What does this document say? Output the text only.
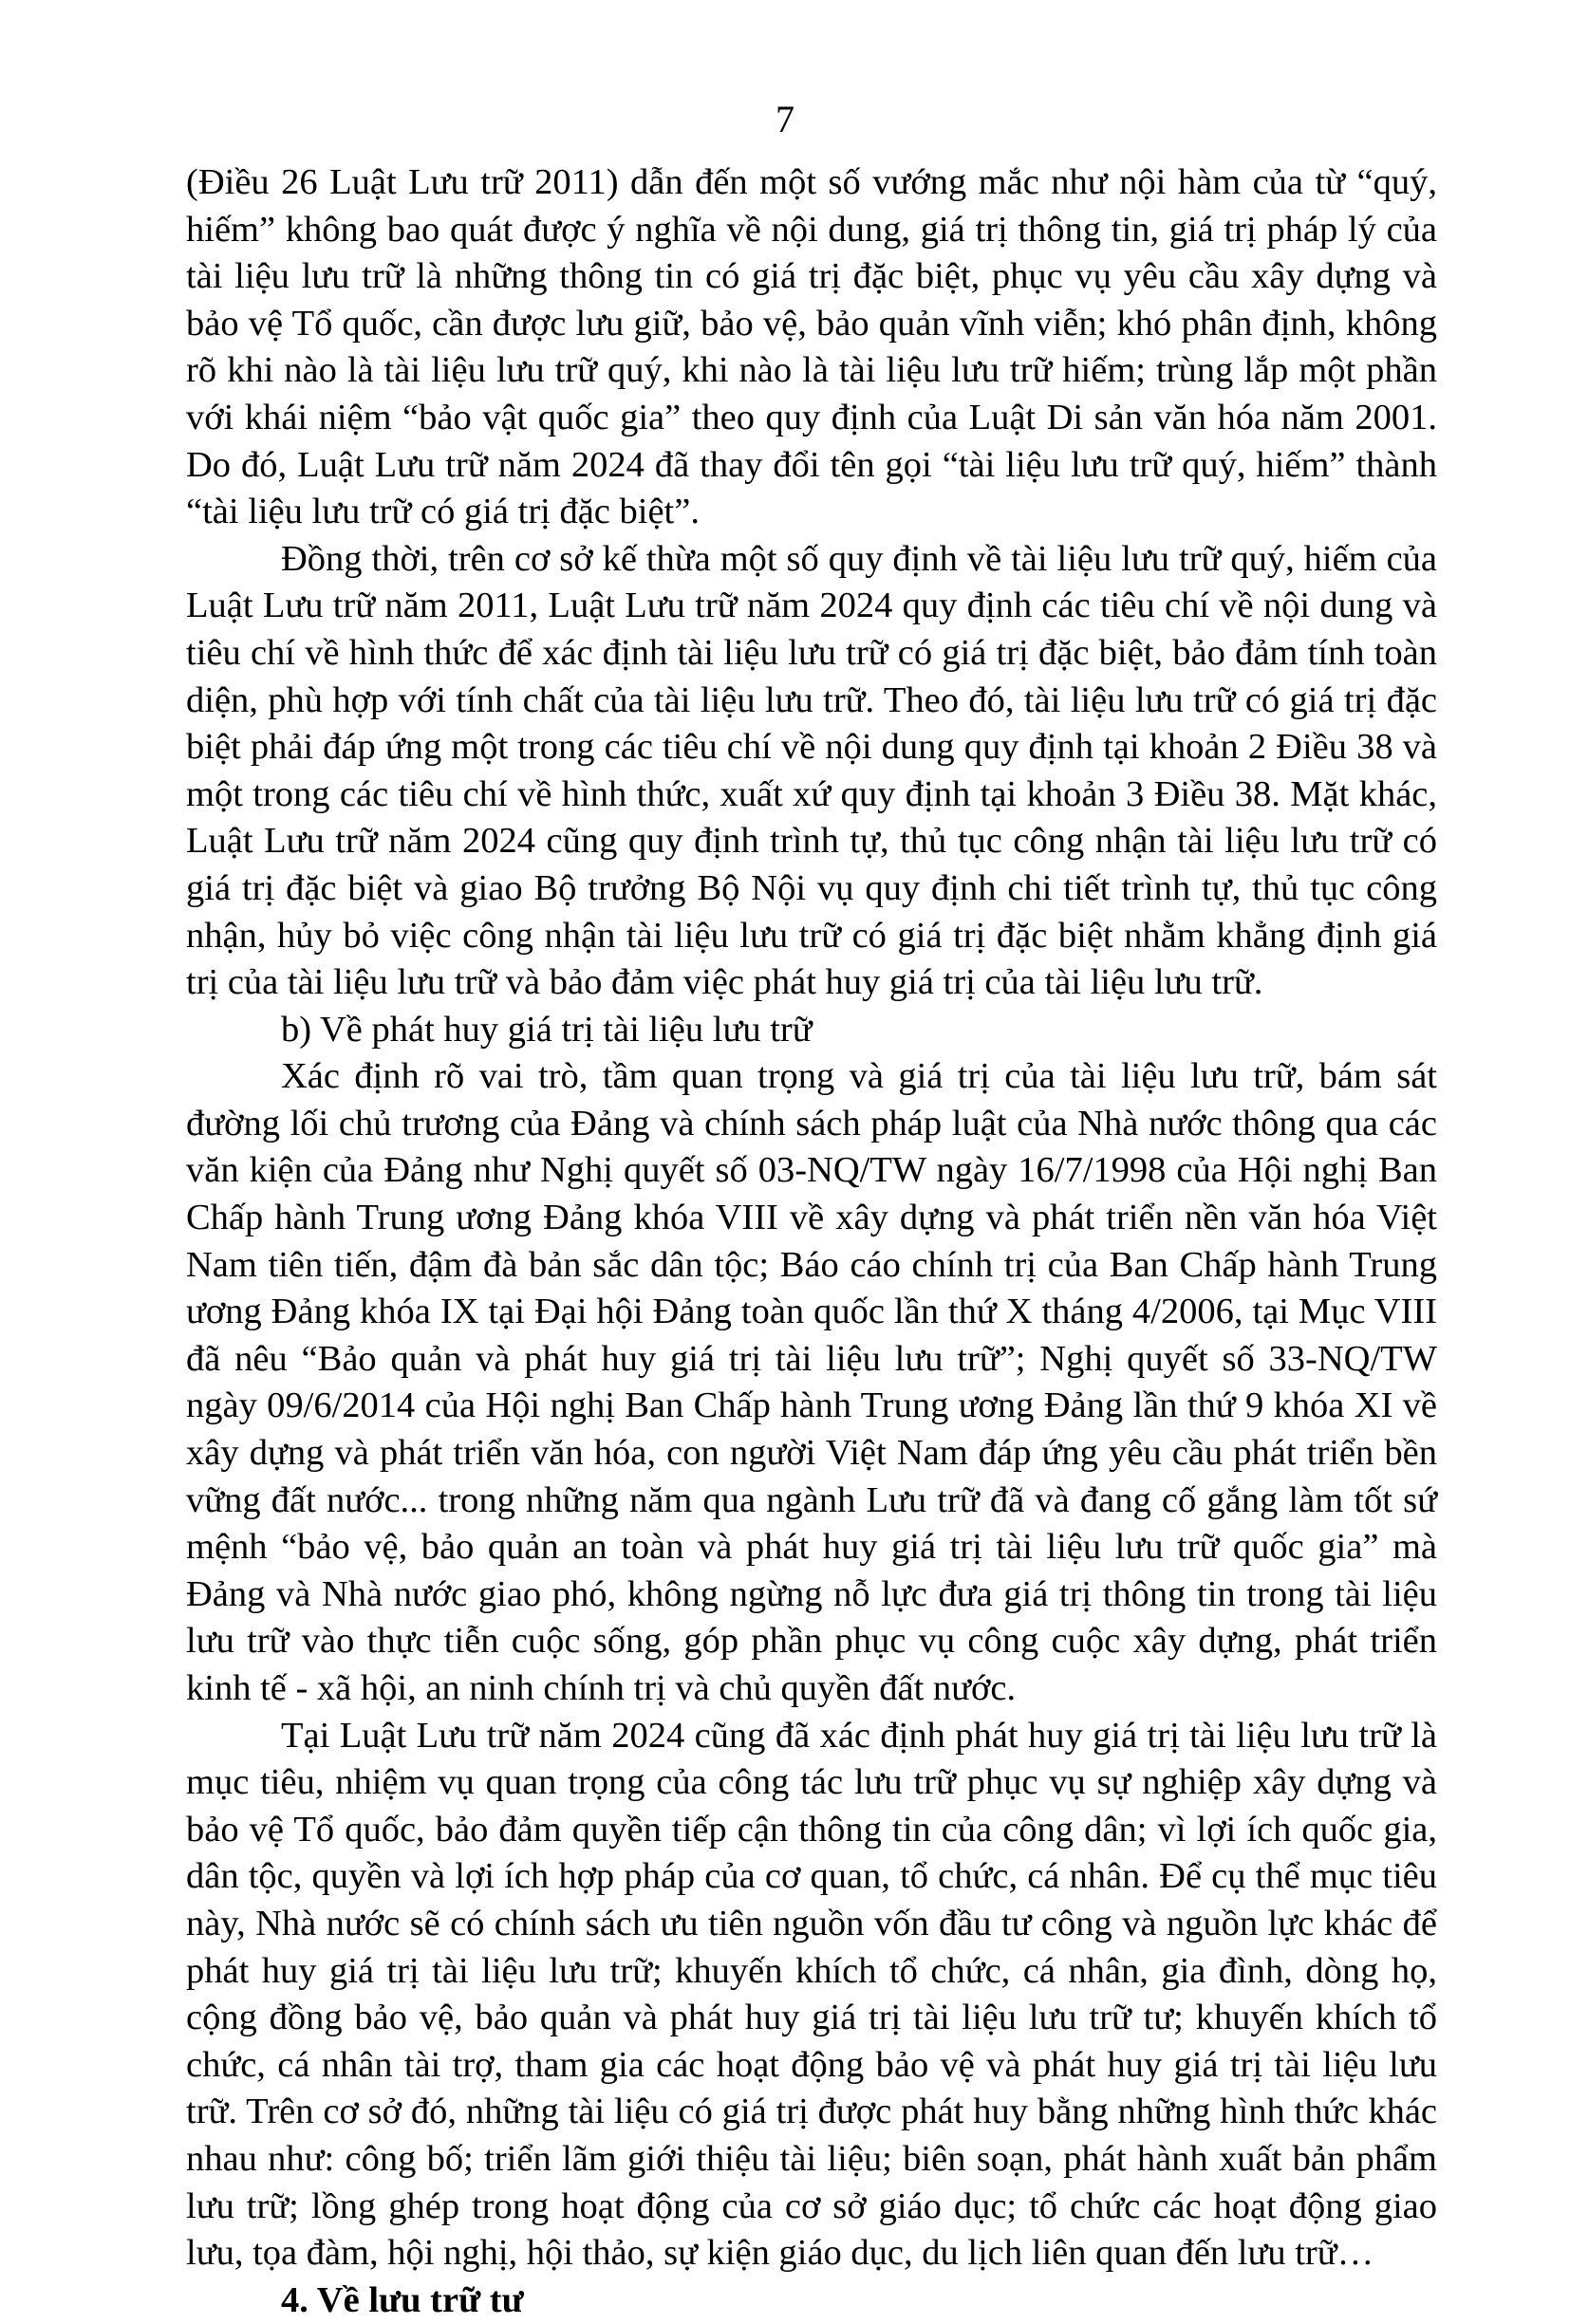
7

(Điều 26 Luật Lưu trữ 2011) dẫn đến một số vướng mắc như nội hàm của từ “quý, hiếm” không bao quát được ý nghĩa về nội dung, giá trị thông tin, giá trị pháp lý của tài liệu lưu trữ là những thông tin có giá trị đặc biệt, phục vụ yêu cầu xây dựng và bảo vệ Tổ quốc, cần được lưu giữ, bảo vệ, bảo quản vĩnh viễn; khó phân định, không rõ khi nào là tài liệu lưu trữ quý, khi nào là tài liệu lưu trữ hiếm; trùng lắp một phần với khái niệm “bảo vật quốc gia” theo quy định của Luật Di sản văn hóa năm 2001. Do đó, Luật Lưu trữ năm 2024 đã thay đổi tên gọi “tài liệu lưu trữ quý, hiếm” thành “tài liệu lưu trữ có giá trị đặc biệt”.

Đồng thời, trên cơ sở kế thừa một số quy định về tài liệu lưu trữ quý, hiếm của Luật Lưu trữ năm 2011, Luật Lưu trữ năm 2024 quy định các tiêu chí về nội dung và tiêu chí về hình thức để xác định tài liệu lưu trữ có giá trị đặc biệt, bảo đảm tính toàn diện, phù hợp với tính chất của tài liệu lưu trữ. Theo đó, tài liệu lưu trữ có giá trị đặc biệt phải đáp ứng một trong các tiêu chí về nội dung quy định tại khoản 2 Điều 38 và một trong các tiêu chí về hình thức, xuất xứ quy định tại khoản 3 Điều 38. Mặt khác, Luật Lưu trữ năm 2024 cũng quy định trình tự, thủ tục công nhận tài liệu lưu trữ có giá trị đặc biệt và giao Bộ trưởng Bộ Nội vụ quy định chi tiết trình tự, thủ tục công nhận, hủy bỏ việc công nhận tài liệu lưu trữ có giá trị đặc biệt nhằm khẳng định giá trị của tài liệu lưu trữ và bảo đảm việc phát huy giá trị của tài liệu lưu trữ.

b) Về phát huy giá trị tài liệu lưu trữ

Xác định rõ vai trò, tầm quan trọng và giá trị của tài liệu lưu trữ, bám sát đường lối chủ trương của Đảng và chính sách pháp luật của Nhà nước thông qua các văn kiện của Đảng như Nghị quyết số 03-NQ/TW ngày 16/7/1998 của Hội nghị Ban Chấp hành Trung ương Đảng khóa VIII về xây dựng và phát triển nền văn hóa Việt Nam tiên tiến, đậm đà bản sắc dân tộc; Báo cáo chính trị của Ban Chấp hành Trung ương Đảng khóa IX tại Đại hội Đảng toàn quốc lần thứ X tháng 4/2006, tại Mục VIII đã nêu “Bảo quản và phát huy giá trị tài liệu lưu trữ”; Nghị quyết số 33-NQ/TW ngày 09/6/2014 của Hội nghị Ban Chấp hành Trung ương Đảng lần thứ 9 khóa XI về xây dựng và phát triển văn hóa, con người Việt Nam đáp ứng yêu cầu phát triển bền vững đất nước... trong những năm qua ngành Lưu trữ đã và đang cố gắng làm tốt sứ mệnh “bảo vệ, bảo quản an toàn và phát huy giá trị tài liệu lưu trữ quốc gia” mà Đảng và Nhà nước giao phó, không ngừng nỗ lực đưa giá trị thông tin trong tài liệu lưu trữ vào thực tiễn cuộc sống, góp phần phục vụ công cuộc xây dựng, phát triển kinh tế - xã hội, an ninh chính trị và chủ quyền đất nước.

Tại Luật Lưu trữ năm 2024 cũng đã xác định phát huy giá trị tài liệu lưu trữ là mục tiêu, nhiệm vụ quan trọng của công tác lưu trữ phục vụ sự nghiệp xây dựng và bảo vệ Tổ quốc, bảo đảm quyền tiếp cận thông tin của công dân; vì lợi ích quốc gia, dân tộc, quyền và lợi ích hợp pháp của cơ quan, tổ chức, cá nhân. Để cụ thể mục tiêu này, Nhà nước sẽ có chính sách ưu tiên nguồn vốn đầu tư công và nguồn lực khác để phát huy giá trị tài liệu lưu trữ; khuyến khích tổ chức, cá nhân, gia đình, dòng họ, cộng đồng bảo vệ, bảo quản và phát huy giá trị tài liệu lưu trữ tư; khuyến khích tổ chức, cá nhân tài trợ, tham gia các hoạt động bảo vệ và phát huy giá trị tài liệu lưu trữ. Trên cơ sở đó, những tài liệu có giá trị được phát huy bằng những hình thức khác nhau như: công bố; triển lãm giới thiệu tài liệu; biên soạn, phát hành xuất bản phẩm lưu trữ; lồng ghép trong hoạt động của cơ sở giáo dục; tổ chức các hoạt động giao lưu, tọa đàm, hội nghị, hội thảo, sự kiện giáo dục, du lịch liên quan đến lưu trữ…

4. Về lưu trữ tư
